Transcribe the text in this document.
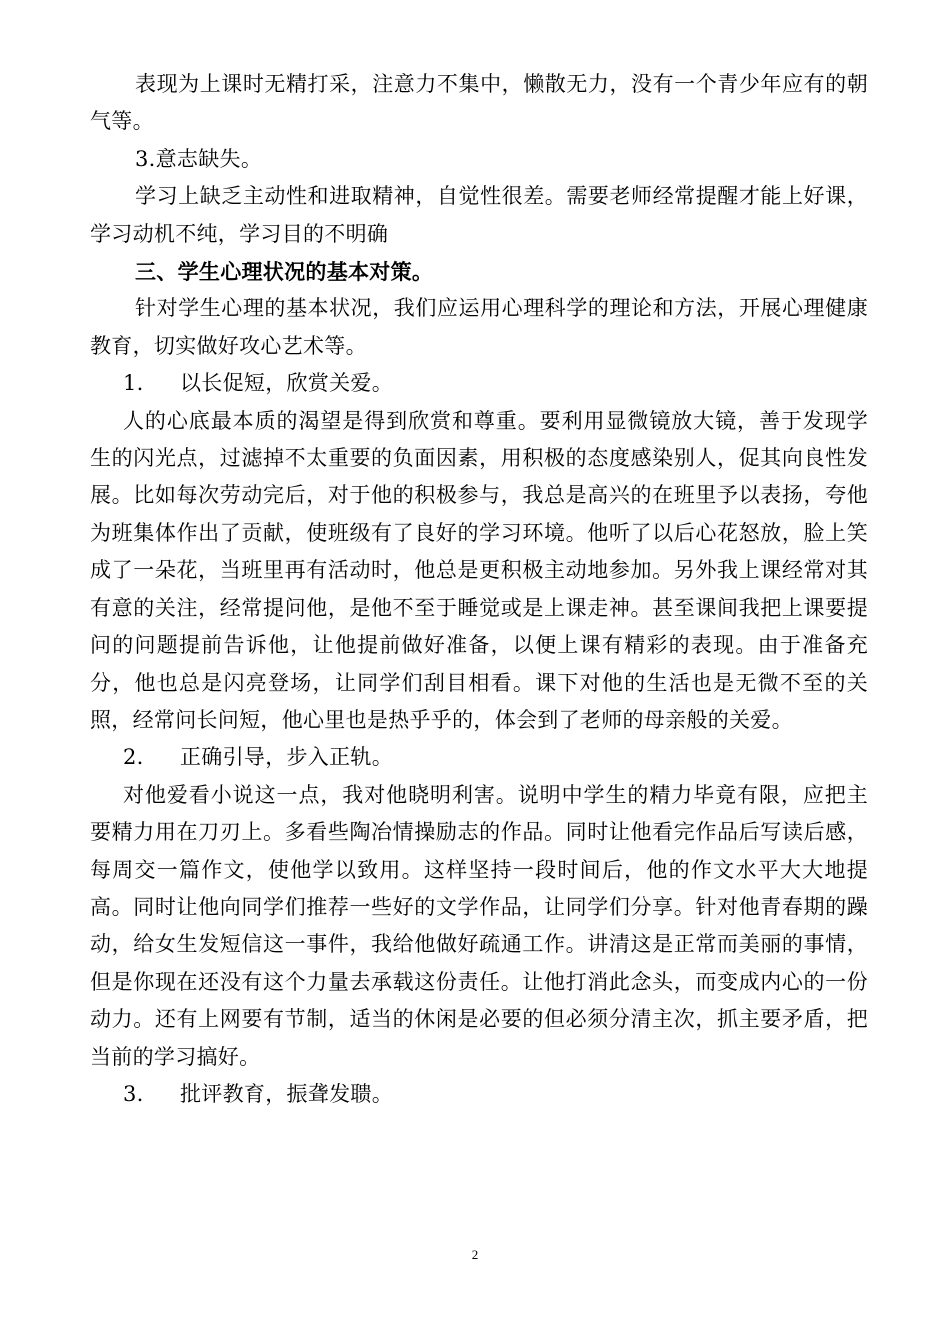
表现为上课时无精打采，注意力不集中，懒散无力，没有一个青少年应有的朝气等。

3.意志缺失。

学习上缺乏主动性和进取精神，自觉性很差。需要老师经常提醒才能上好课，学习动机不纯，学习目的不明确

三、学生心理状况的基本对策。

针对学生心理的基本状况，我们应运用心理科学的理论和方法，开展心理健康教育，切实做好攻心艺术等。

1. 以长促短，欣赏关爱。

人的心底最本质的渴望是得到欣赏和尊重。要利用显微镜放大镜，善于发现学生的闪光点，过滤掉不太重要的负面因素，用积极的态度感染别人，促其向良性发展。比如每次劳动完后，对于他的积极参与，我总是高兴的在班里予以表扬，夸他为班集体作出了贡献，使班级有了良好的学习环境。他听了以后心花怒放，脸上笑成了一朵花，当班里再有活动时，他总是更积极主动地参加。另外我上课经常对其有意的关注，经常提问他，是他不至于睡觉或是上课走神。甚至课间我把上课要提问的问题提前告诉他，让他提前做好准备，以便上课有精彩的表现。由于准备充分，他也总是闪亮登场，让同学们刮目相看。课下对他的生活也是无微不至的关照，经常问长问短，他心里也是热乎乎的，体会到了老师的母亲般的关爱。

2. 正确引导，步入正轨。

对他爱看小说这一点，我对他晓明利害。说明中学生的精力毕竟有限，应把主要精力用在刀刃上。多看些陶冶情操励志的作品。同时让他看完作品后写读后感，每周交一篇作文，使他学以致用。这样坚持一段时间后，他的作文水平大大地提高。同时让他向同学们推荐一些好的文学作品，让同学们分享。针对他青春期的躁动，给女生发短信这一事件，我给他做好疏通工作。讲清这是正常而美丽的事情，但是你现在还没有这个力量去承载这份责任。让他打消此念头，而变成内心的一份动力。还有上网要有节制，适当的休闲是必要的但必须分清主次，抓主要矛盾，把当前的学习搞好。

3. 批评教育，振聋发聩。

2
